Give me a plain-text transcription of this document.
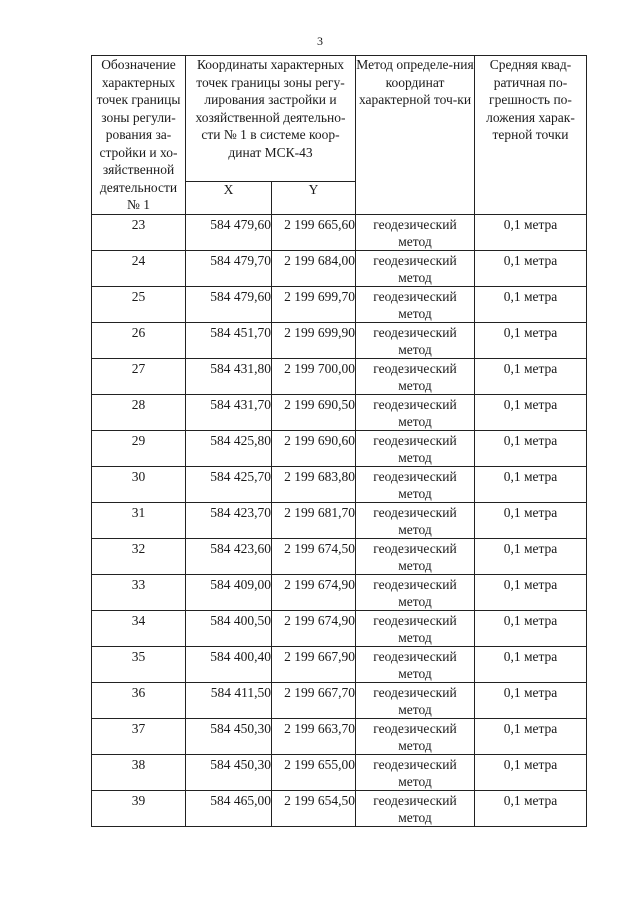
3
Обозначение характерных точек границы зоны регули-рования за-стройки и хо-зяйственной деятельности № 1	Координаты характерных точек границы зоны регу-лирования застройки и хозяйственной деятельно-сти № 1 в системе коор-динат МСК-43		Метод определе-ния координат характерной точ-ки	Средняя квад-ратичная по-грешность по-ложения харак-терной точки
	X	Y		
23	584 479,60	2 199 665,60	геодезический метод	0,1 метра
24	584 479,70	2 199 684,00	геодезический метод	0,1 метра
25	584 479,60	2 199 699,70	геодезический метод	0,1 метра
26	584 451,70	2 199 699,90	геодезический метод	0,1 метра
27	584 431,80	2 199 700,00	геодезический метод	0,1 метра
28	584 431,70	2 199 690,50	геодезический метод	0,1 метра
29	584 425,80	2 199 690,60	геодезический метод	0,1 метра
30	584 425,70	2 199 683,80	геодезический метод	0,1 метра
31	584 423,70	2 199 681,70	геодезический метод	0,1 метра
32	584 423,60	2 199 674,50	геодезический метод	0,1 метра
33	584 409,00	2 199 674,90	геодезический метод	0,1 метра
34	584 400,50	2 199 674,90	геодезический метод	0,1 метра
35	584 400,40	2 199 667,90	геодезический метод	0,1 метра
36	584 411,50	2 199 667,70	геодезический метод	0,1 метра
37	584 450,30	2 199 663,70	геодезический метод	0,1 метра
38	584 450,30	2 199 655,00	геодезический метод	0,1 метра
39	584 465,00	2 199 654,50	геодезический метод	0,1 метра
